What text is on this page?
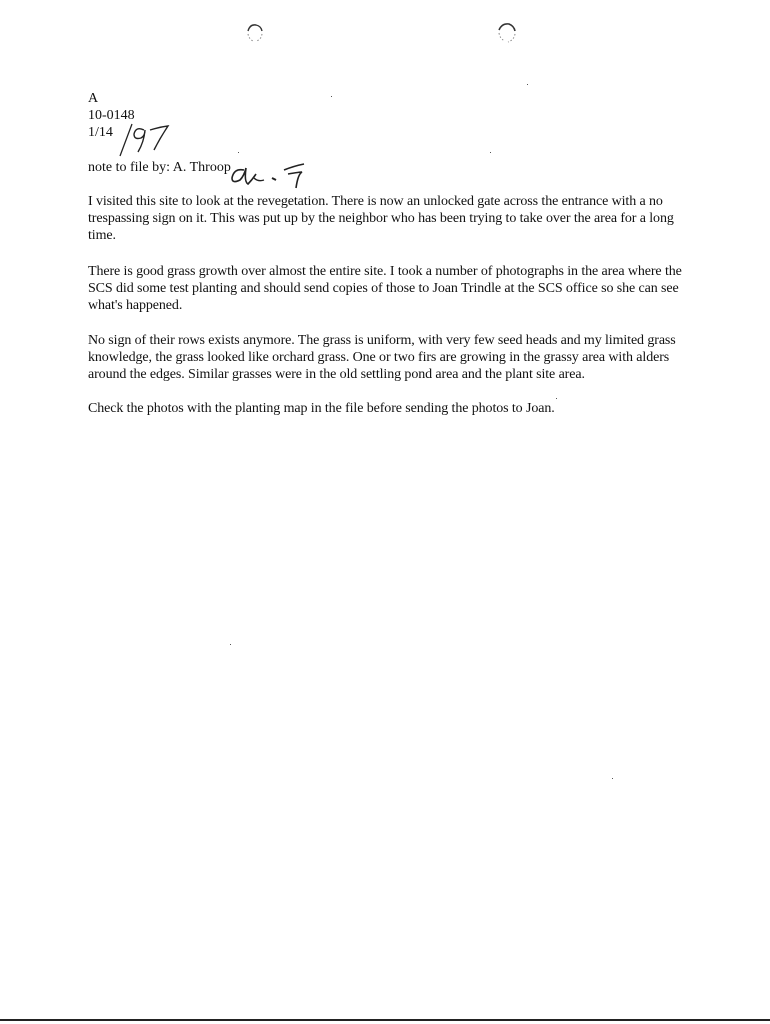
A
10-0148
1/14
note to file by: A. Throop

I visited this site to look at the revegetation. There is now an unlocked gate across the entrance with a no trespassing sign on it. This was put up by the neighbor who has been trying to take over the area for a long time.

There is good grass growth over almost the entire site. I took a number of photographs in the area where the SCS did some test planting and should send copies of those to Joan Trindle at the SCS office so she can see what's happened.

No sign of their rows exists anymore. The grass is uniform, with very few seed heads and my limited grass knowledge, the grass looked like orchard grass. One or two firs are growing in the grassy area with alders around the edges. Similar grasses were in the old settling pond area and the plant site area.

Check the photos with the planting map in the file before sending the photos to Joan.
